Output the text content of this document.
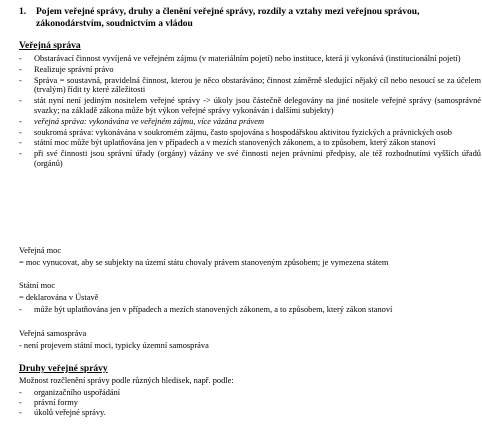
1. Pojem veřejné správy, druhy a členění veřejné správy, rozdíly a vztahy mezi veřejnou správou, zákonodárstvím, soudnictvím a vládou
Veřejná správa
- Obstarávací činnost vyvíjená ve veřejném zájmu (v materiálním pojetí) nebo instituce, která ji vykonává (institucionální pojetí)
- Realizuje správní právo
- Správa = soustavná, pravidelná činnost, kterou je něco obstaráváno; činnost záměrně sledující nějaký cíl nebo nesoucí se za účelem (trvalým) řídit ty které záležitosti
- stát nyní není jediným nositelem veřejné správy -> úkoly jsou částečně delegovány na jiné nositele veřejné správy (samosprávné svazky; na základě zákona může být výkon veřejné správy vykonáván i dalšími subjekty)
- veřejná správa: vykonávána ve veřejném zájmu, více vázána právem
- soukromá správa: vykonávána v soukromém zájmu, často spojována s hospodářskou aktivitou fyzických a právnických osob
- státní moc může být uplatňována jen v případech a v mezích stanovených zákonem, a to způsobem, který zákon stanoví
- při své činnosti jsou správní úřady (orgány) vázány ve své činnosti nejen právními předpisy, ale též rozhodnutími vyšších úřadů (orgánů)
Veřejná moc
= moc vynucovat, aby se subjekty na území státu chovaly právem stanoveným způsobem; je vymezena státem
Státní moc
= deklarována v Ústavě
- může být uplatňována jen v případech a mezích stanovených zákonem, a to způsobem, který zákon stanoví
Veřejná samospráva
- není projevem státní moci, typicky územní samospráva
Druhy veřejné správy
Možnost rozčlenění správy podle různých hledisek, např. podle:
- organizačního uspořádání
- právní formy
- úkolů veřejné správy.
